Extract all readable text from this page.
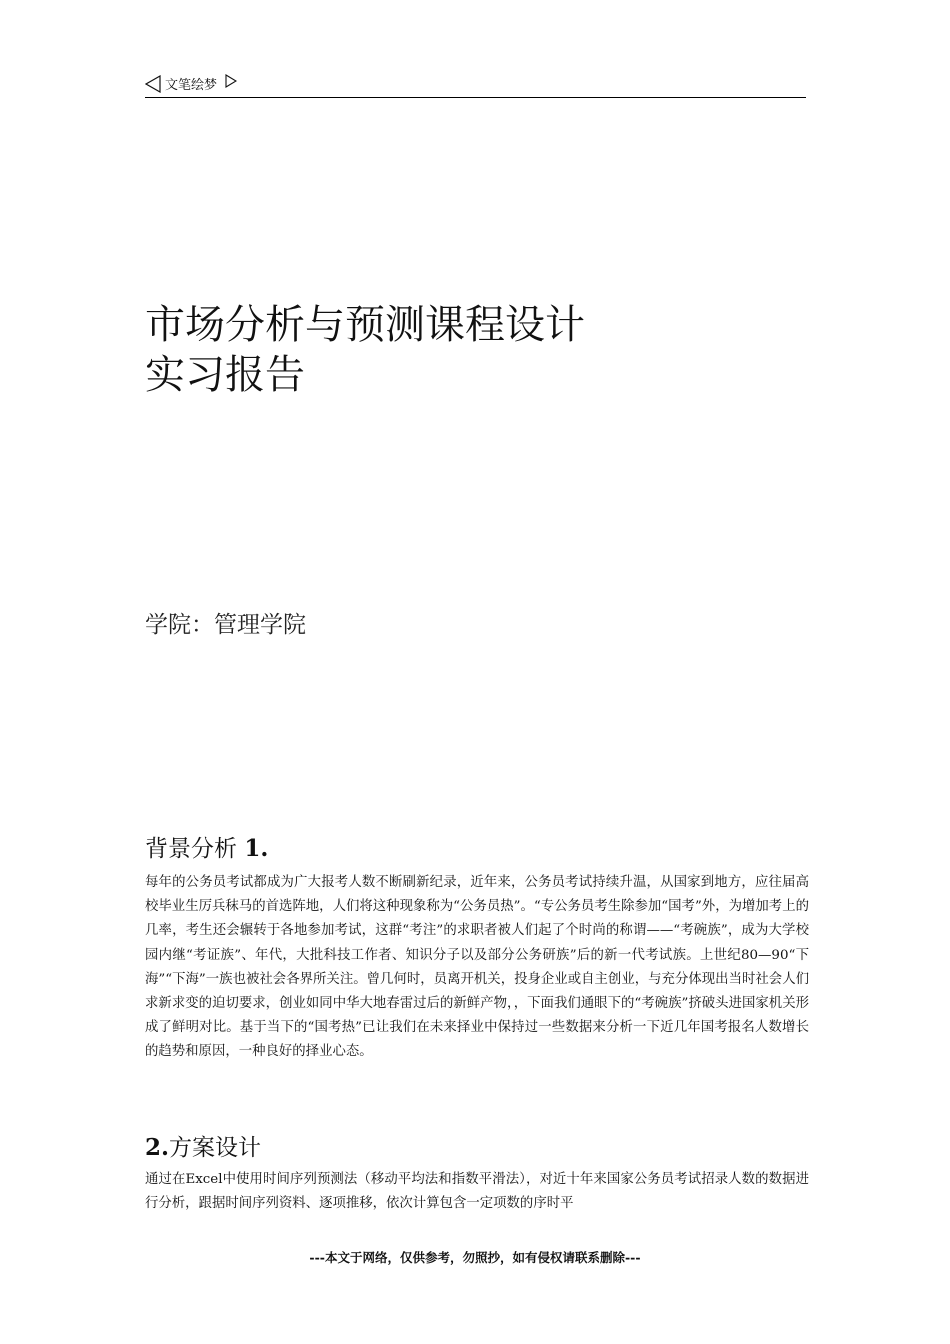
文笔绘梦
市场分析与预测课程设计
实习报告
学院：管理学院
背景分析 1.

每年的公务员考试都成为广大报考人数不断刷新纪录，近年来，公务员考试持续升温，从国家到地方，应往届高校毕业生厉兵秣马的首选阵地，人们将这种现象称为“公务员热”。“专公务员考生除参加“国考”外，为增加考上的几率，考生还会辗转于各地参加考试，这群“考注”的求职者被人们起了个时尚的称谓——“考碗族”，成为大学校园内继“考证族”、年代，大批科技工作者、知识分子以及部分公务研族”后的新一代考试族。上世纪80—90“下海”“下海”一族也被社会各界所关注。曾几何时，员离开机关，投身企业或自主创业，与充分体现出当时社会人们求新求变的迫切要求，创业如同中华大地春雷过后的新鲜产物，，下面我们通眼下的“考碗族”挤破头进国家机关形成了鲜明对比。基于当下的“国考热”已让我们在未来择业中保持过一些数据来分析一下近几年国考报名人数增长的趋势和原因，一种良好的择业心态。

2.方案设计

通过在Excel中使用时间序列预测法（移动平均法和指数平滑法），对近十年来国家公务员考试招录人数的数据进行分析，跟据时间序列资料、逐项推移，依次计算包含一定项数的序时平

---本文于网络，仅供参考，勿照抄，如有侵权请联系删除---
